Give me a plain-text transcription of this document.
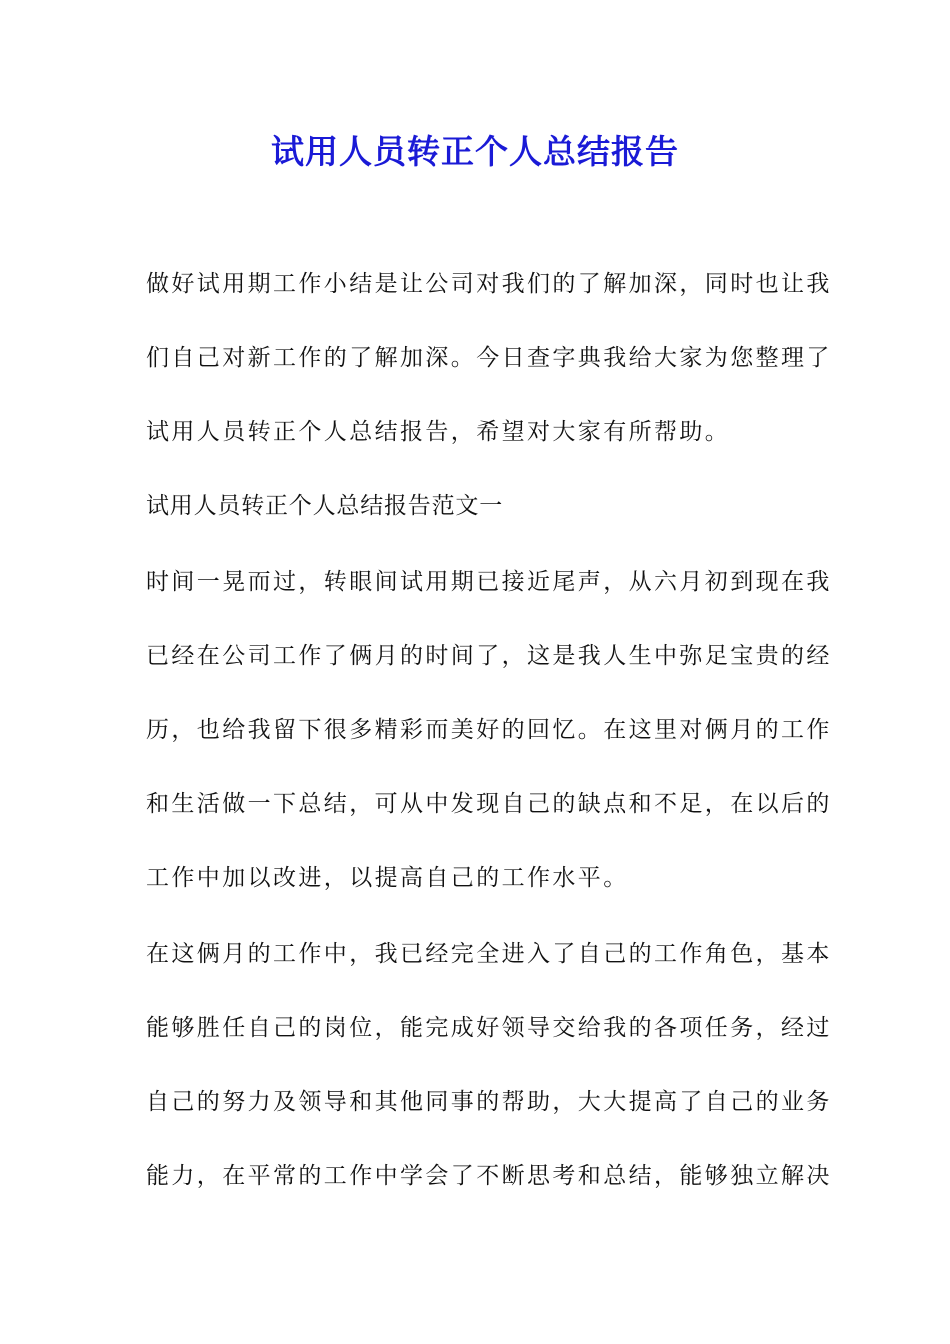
试用人员转正个人总结报告
做好试用期工作小结是让公司对我们的了解加深，同时也让我
们自己对新工作的了解加深。今日查字典我给大家为您整理了
试用人员转正个人总结报告，希望对大家有所帮助。
试用人员转正个人总结报告范文一
时间一晃而过，转眼间试用期已接近尾声，从六月初到现在我
已经在公司工作了俩月的时间了，这是我人生中弥足宝贵的经
历，也给我留下很多精彩而美好的回忆。在这里对俩月的工作
和生活做一下总结，可从中发现自己的缺点和不足，在以后的
工作中加以改进，以提高自己的工作水平。
在这俩月的工作中，我已经完全进入了自己的工作角色，基本
能够胜任自己的岗位，能完成好领导交给我的各项任务，经过
自己的努力及领导和其他同事的帮助，大大提高了自己的业务
能力，在平常的工作中学会了不断思考和总结，能够独立解决
